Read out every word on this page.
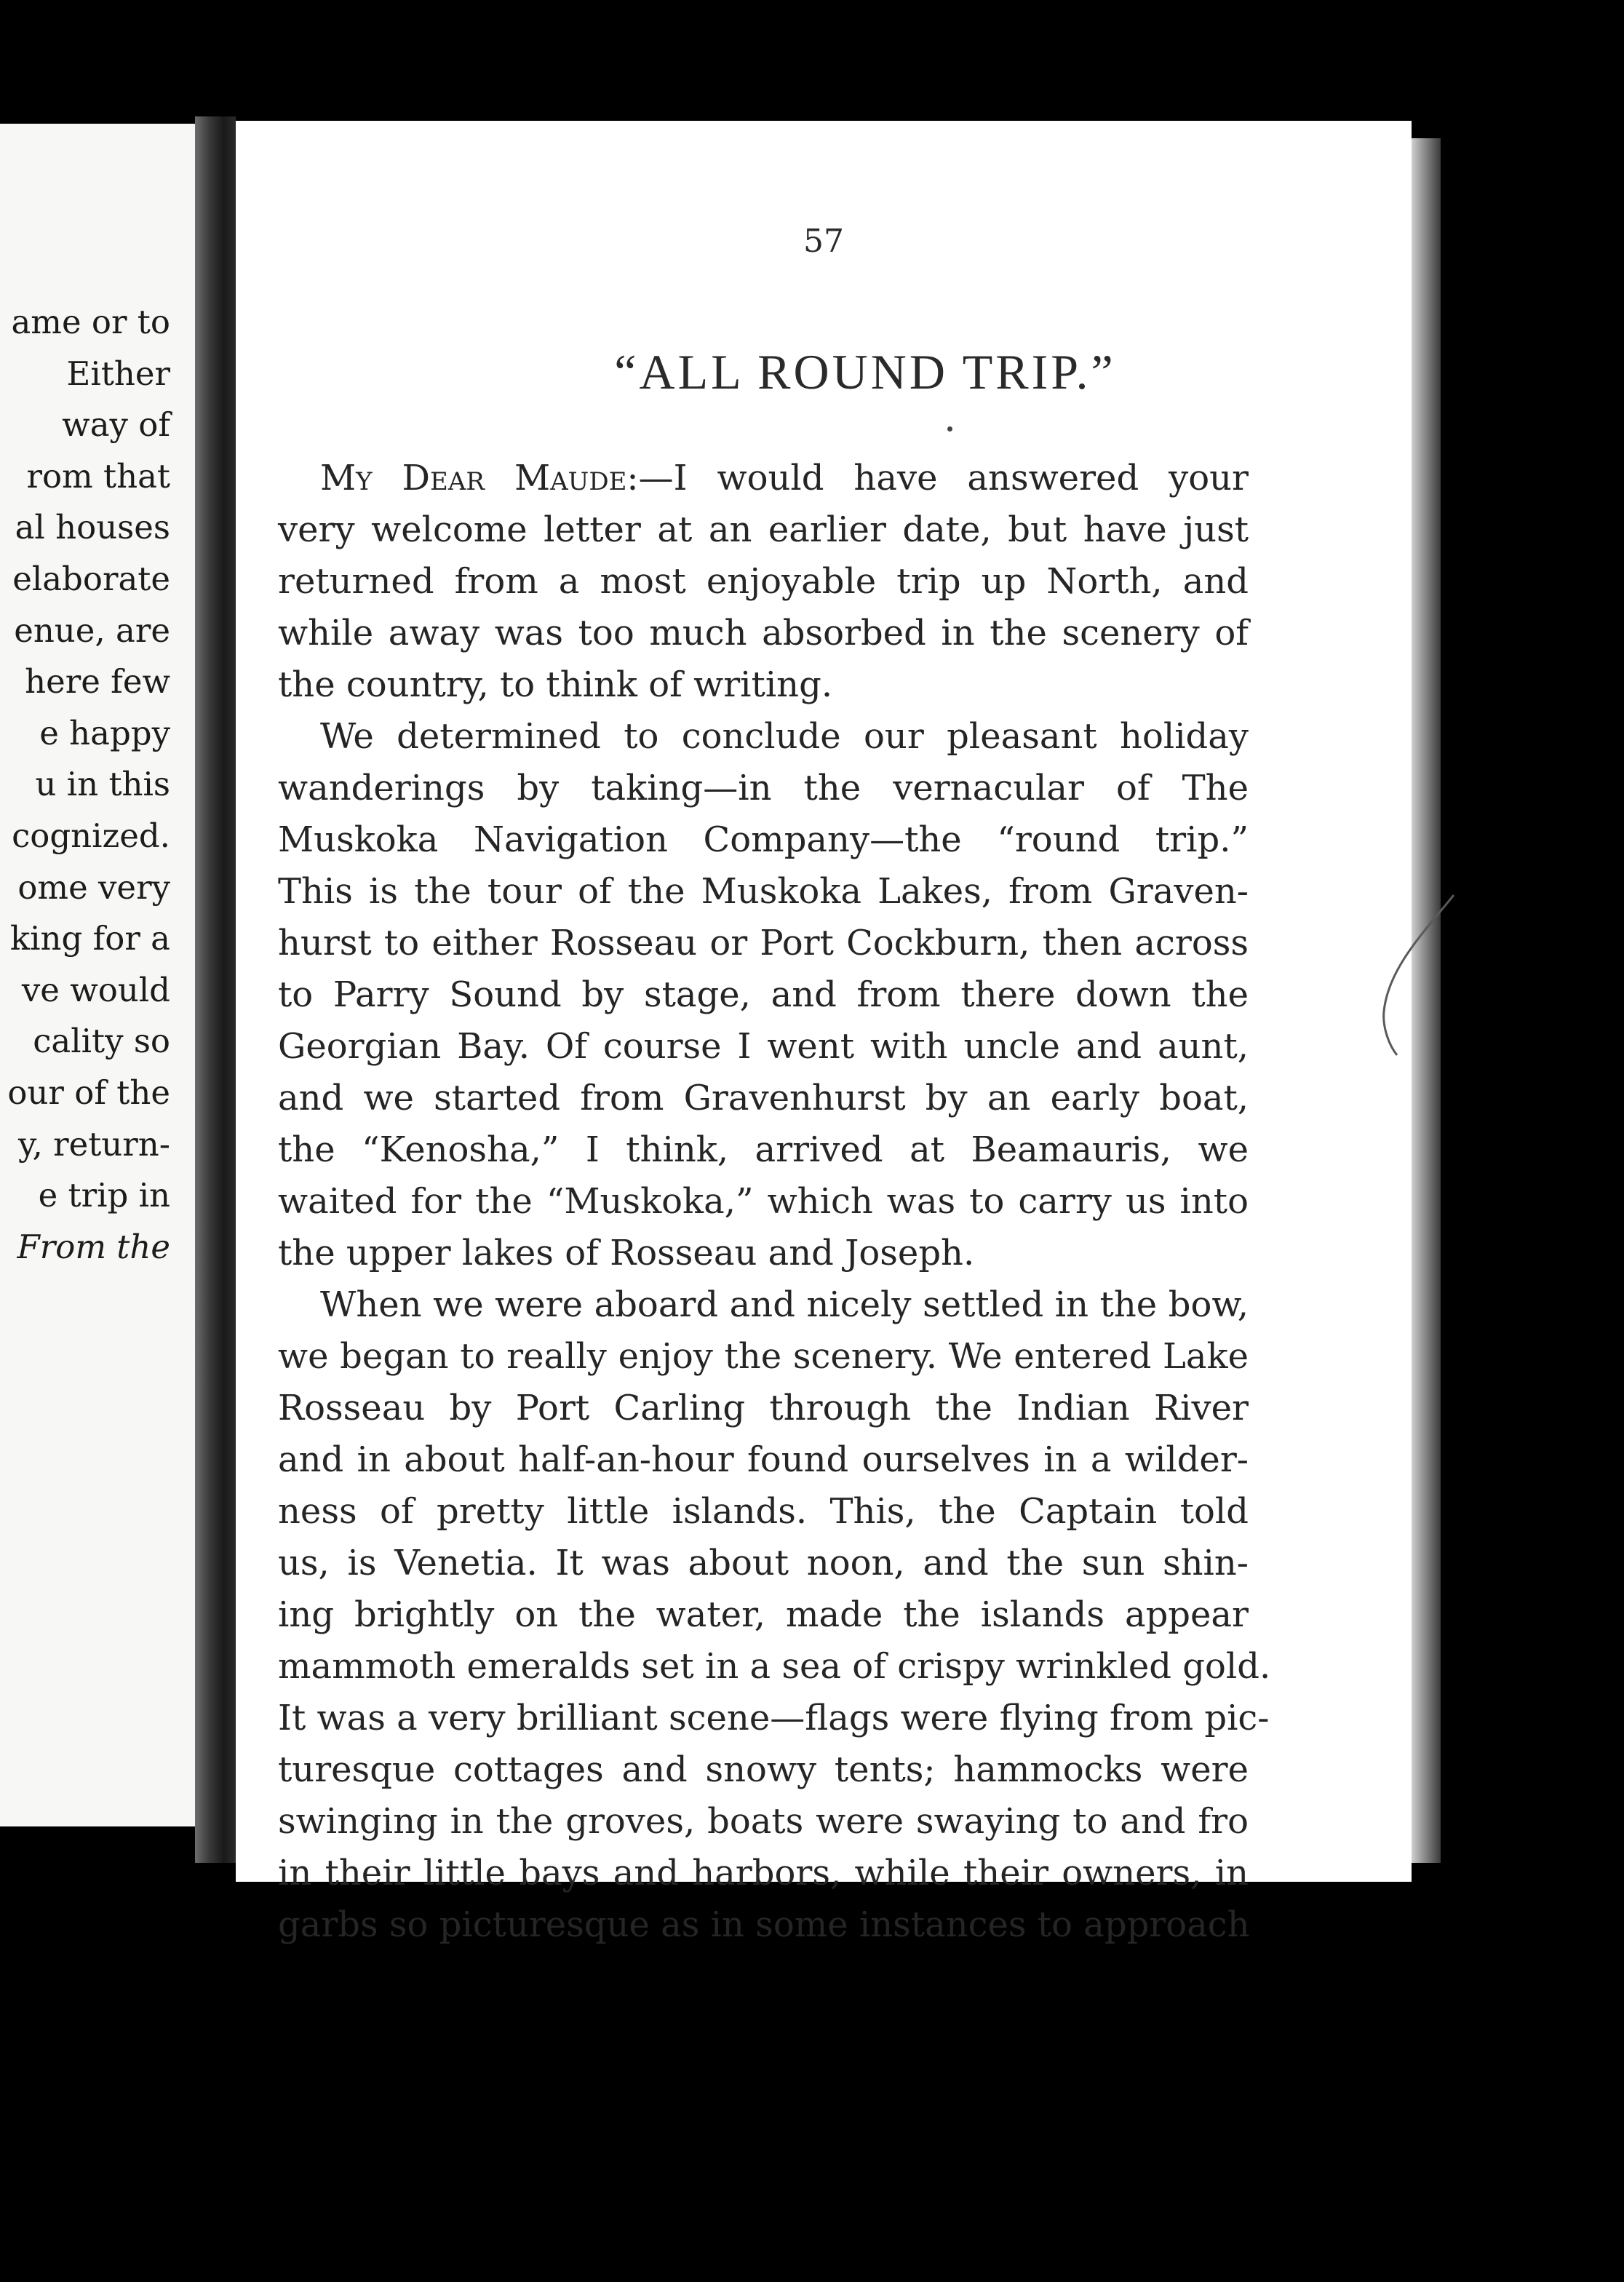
ame or to
Either
way of
rom that
al houses
elaborate
enue, are
here few
e happy
u in this
cognized.
ome very
king for a
ve would
cality so
our of the
y, return-
e trip in
From the
57
“ALL ROUND TRIP.”
My Dear Maude:—I would have answered your
very welcome letter at an earlier date, but have just
returned from a most enjoyable trip up North, and
while away was too much absorbed in the scenery of
the country, to think of writing.
We determined to conclude our pleasant holiday
wanderings by taking—in the vernacular of The
Muskoka Navigation Company—the “round trip.”
This is the tour of the Muskoka Lakes, from Graven-
hurst to either Rosseau or Port Cockburn, then across
to Parry Sound by stage, and from there down the
Georgian Bay. Of course I went with uncle and aunt,
and we started from Gravenhurst by an early boat,
the “Kenosha,” I think, arrived at Beamauris, we
waited for the “Muskoka,” which was to carry us into
the upper lakes of Rosseau and Joseph.
When we were aboard and nicely settled in the bow,
we began to really enjoy the scenery. We entered Lake
Rosseau by Port Carling through the Indian River
and in about half-an-hour found ourselves in a wilder-
ness of pretty little islands. This, the Captain told
us, is Venetia. It was about noon, and the sun shin-
ing brightly on the water, made the islands appear
mammoth emeralds set in a sea of crispy wrinkled gold.
It was a very brilliant scene—flags were flying from pic-
turesque cottages and snowy tents; hammocks were
swinging in the groves, boats were swaying to and fro
in their little bays and harbors, while their owners, in
garbs so picturesque as in some instances to approach
